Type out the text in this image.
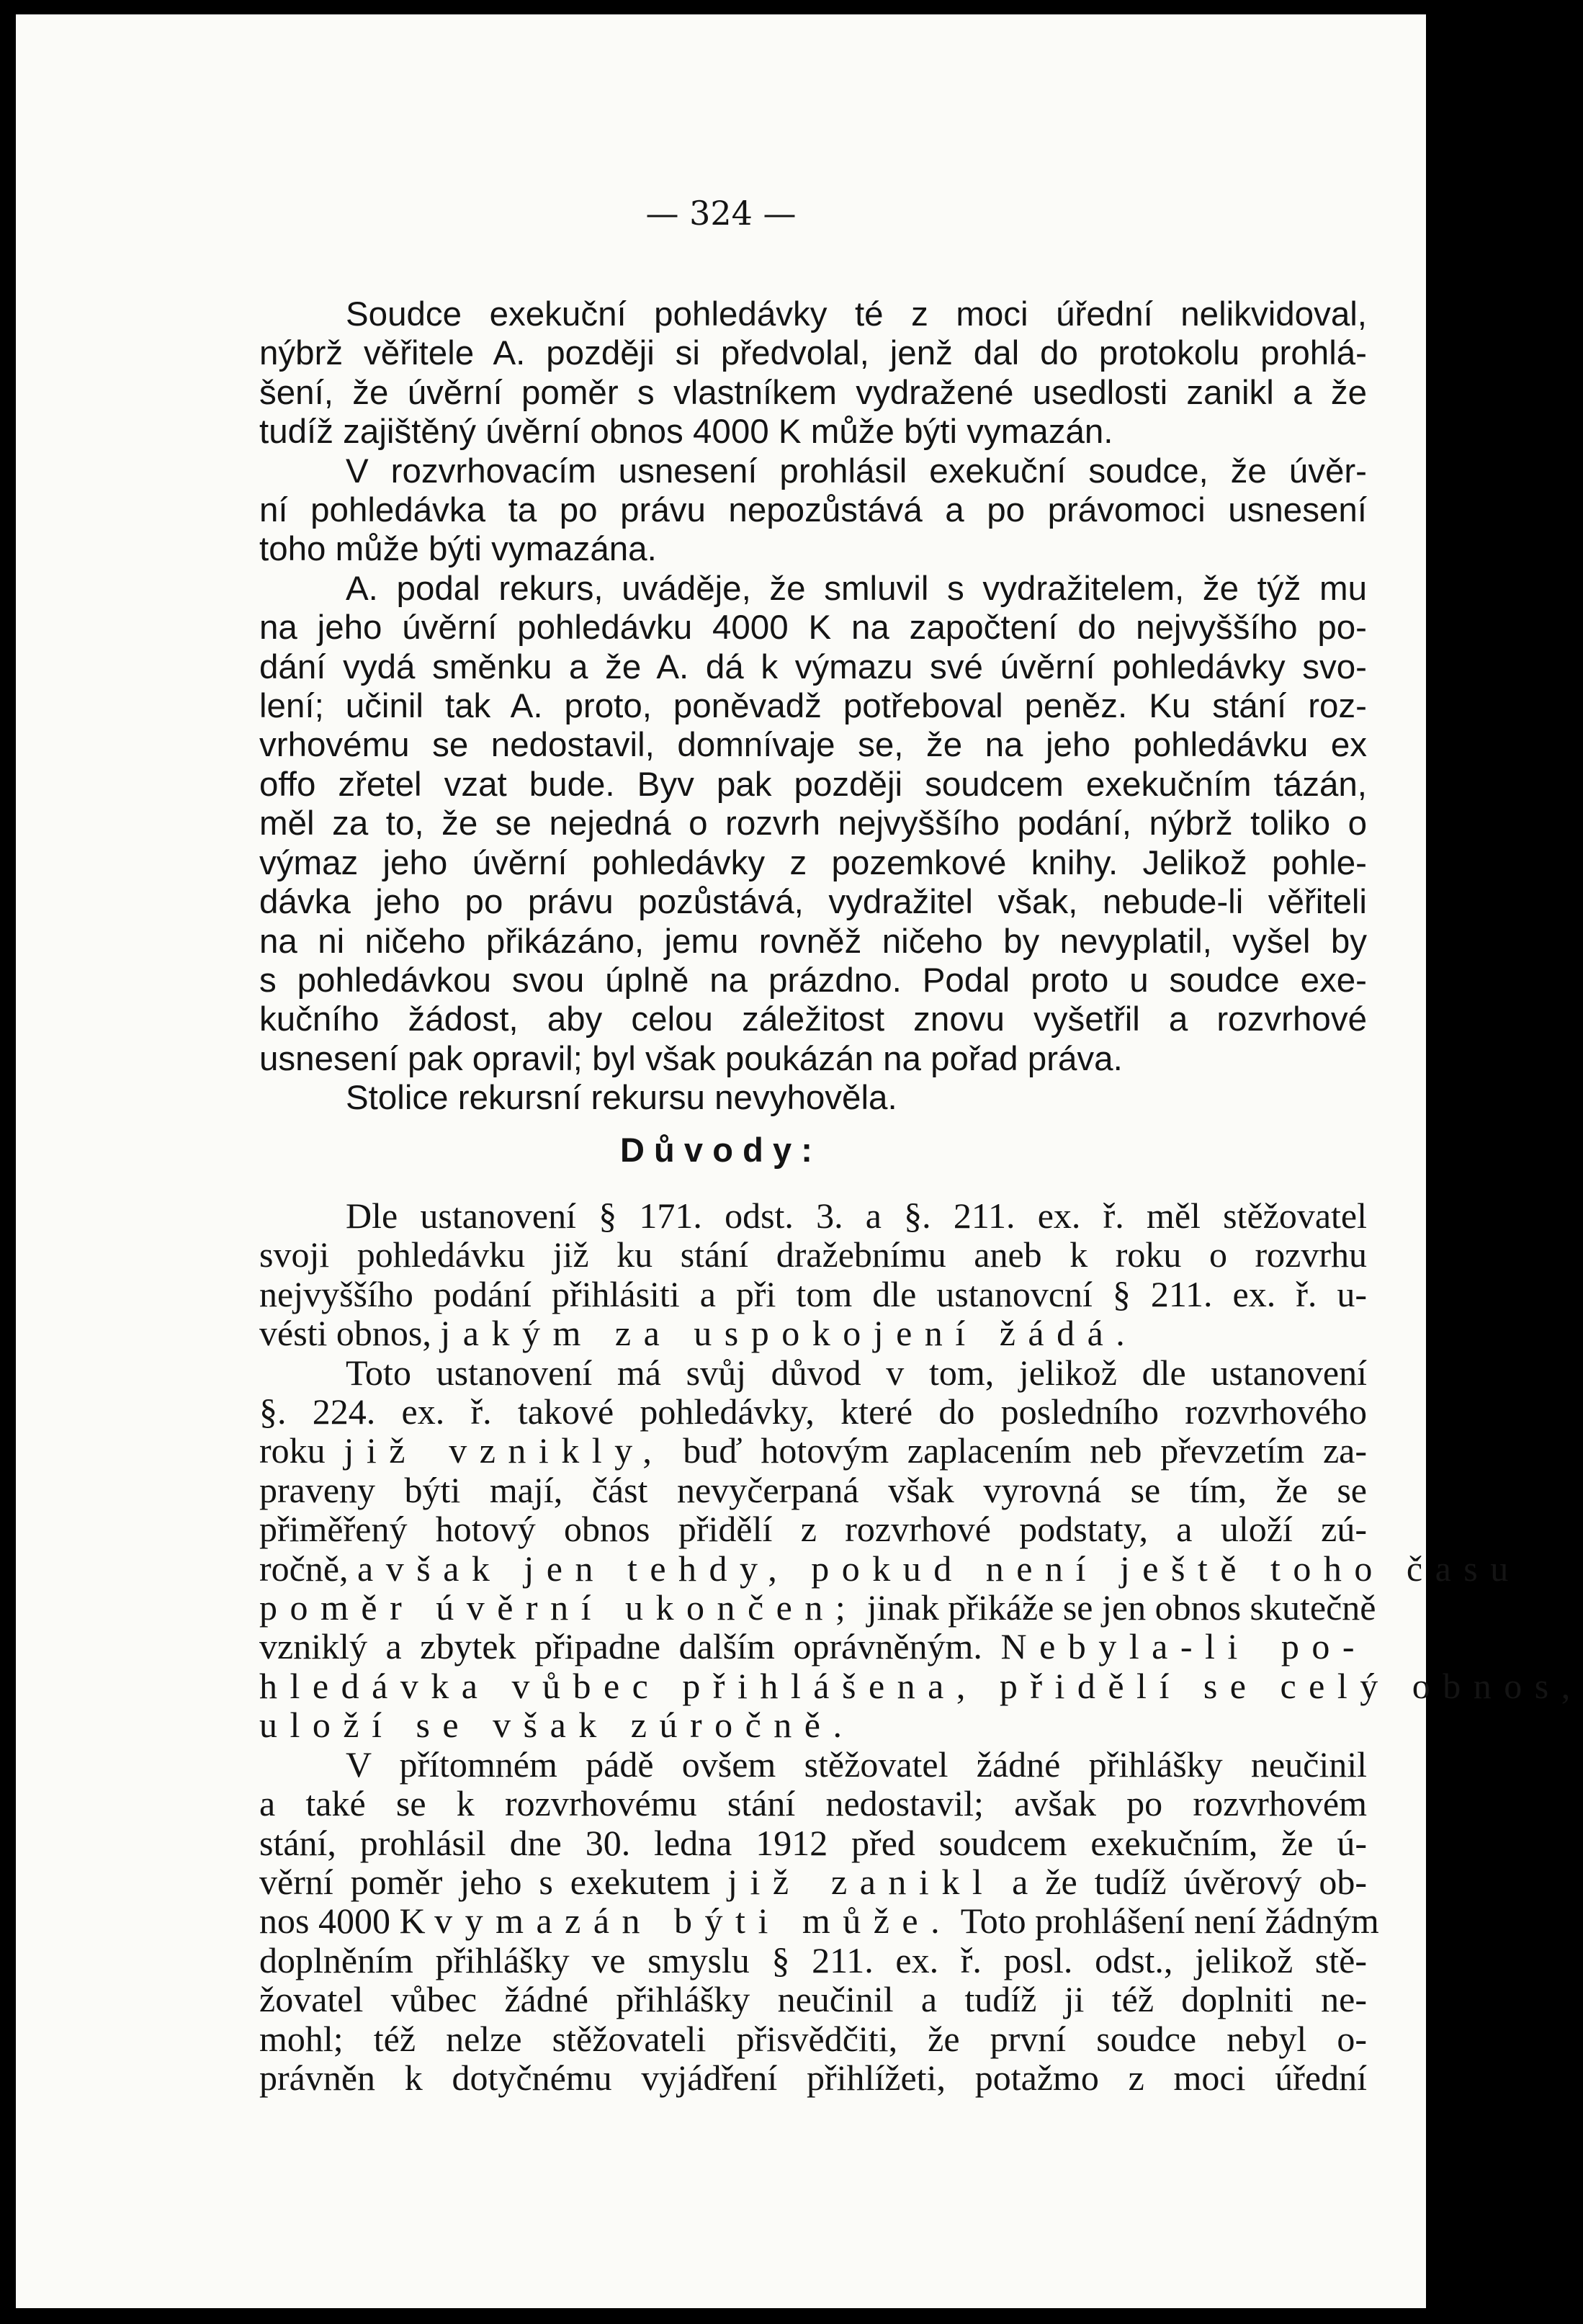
— 324 —
Soudce exekuční pohledávky té z moci úřední nelikvidoval,
nýbrž věřitele A. později si předvolal, jenž dal do protokolu prohlá-
šení, že úvěrní poměr s vlastníkem vydražené usedlosti zanikl a že
tudíž zajištěný úvěrní obnos 4000 K může býti vymazán.
V rozvrhovacím usnesení prohlásil exekuční soudce, že úvěr-
ní pohledávka ta po právu nepozůstává a po právomoci usnesení
toho může býti vymazána.
A. podal rekurs, uváděje, že smluvil s vydražitelem, že týž mu
na jeho úvěrní pohledávku 4000 K na započtení do nejvyššího po-
dání vydá směnku a že A. dá k výmazu své úvěrní pohledávky svo-
lení; učinil tak A. proto, poněvadž potřeboval peněz. Ku stání roz-
vrhovému se nedostavil, domnívaje se, že na jeho pohledávku ex
offo zřetel vzat bude. Byv pak později soudcem exekučním tázán,
měl za to, že se nejedná o rozvrh nejvyššího podání, nýbrž toliko o
výmaz jeho úvěrní pohledávky z pozemkové knihy. Jelikož pohle-
dávka jeho po právu pozůstává, vydražitel však, nebude-li věřiteli
na ni ničeho přikázáno, jemu rovněž ničeho by nevyplatil, vyšel by
s pohledávkou svou úplně na prázdno. Podal proto u soudce exe-
kučního žádost, aby celou záležitost znovu vyšetřil a rozvrhové
usnesení pak opravil; byl však poukázán na pořad práva.
Stolice rekursní rekursu nevyhověla.
Důvody:
Dle ustanovení § 171. odst. 3. a §. 211. ex. ř. měl stěžovatel
svoji pohledávku již ku stání dražebnímu aneb k roku o rozvrhu
nejvyššího podání přihlásiti a při tom dle ustanovcní § 211. ex. ř. u-
vésti obnos, jakým za uspokojení žádá.
Toto ustanovení má svůj důvod v tom, jelikož dle ustanovení
§. 224. ex. ř. takové pohledávky, které do posledního rozvrhového
roku již vznikly, buď hotovým zaplacením neb převzetím za-
praveny býti mají, část nevyčerpaná však vyrovná se tím, že se
přiměřený hotový obnos přidělí z rozvrhové podstaty, a uloží zú-
ročně, avšak jen tehdy, pokud není ještě toho času
poměr úvěrní ukončen; jinak přikáže se jen obnos skutečně
vzniklý a zbytek připadne dalším oprávněným. Nebyla-li po-
hledávka vůbec přihlášena, přidělí se celý obnos,
uloží se však zúročně.
V přítomném pádě ovšem stěžovatel žádné přihlášky neučinil
a také se k rozvrhovému stání nedostavil; avšak po rozvrhovém
stání, prohlásil dne 30. ledna 1912 před soudcem exekučním, že ú-
věrní poměr jeho s exekutem již zanikl a že tudíž úvěrový ob-
nos 4000 K vymazán býti může. Toto prohlášení není žádným
doplněním přihlášky ve smyslu § 211. ex. ř. posl. odst., jelikož stě-
žovatel vůbec žádné přihlášky neučinil a tudíž ji též doplniti ne-
mohl; též nelze stěžovateli přisvědčiti, že první soudce nebyl o-
právněn k dotyčnému vyjádření přihlížeti, potažmo z moci úřední
